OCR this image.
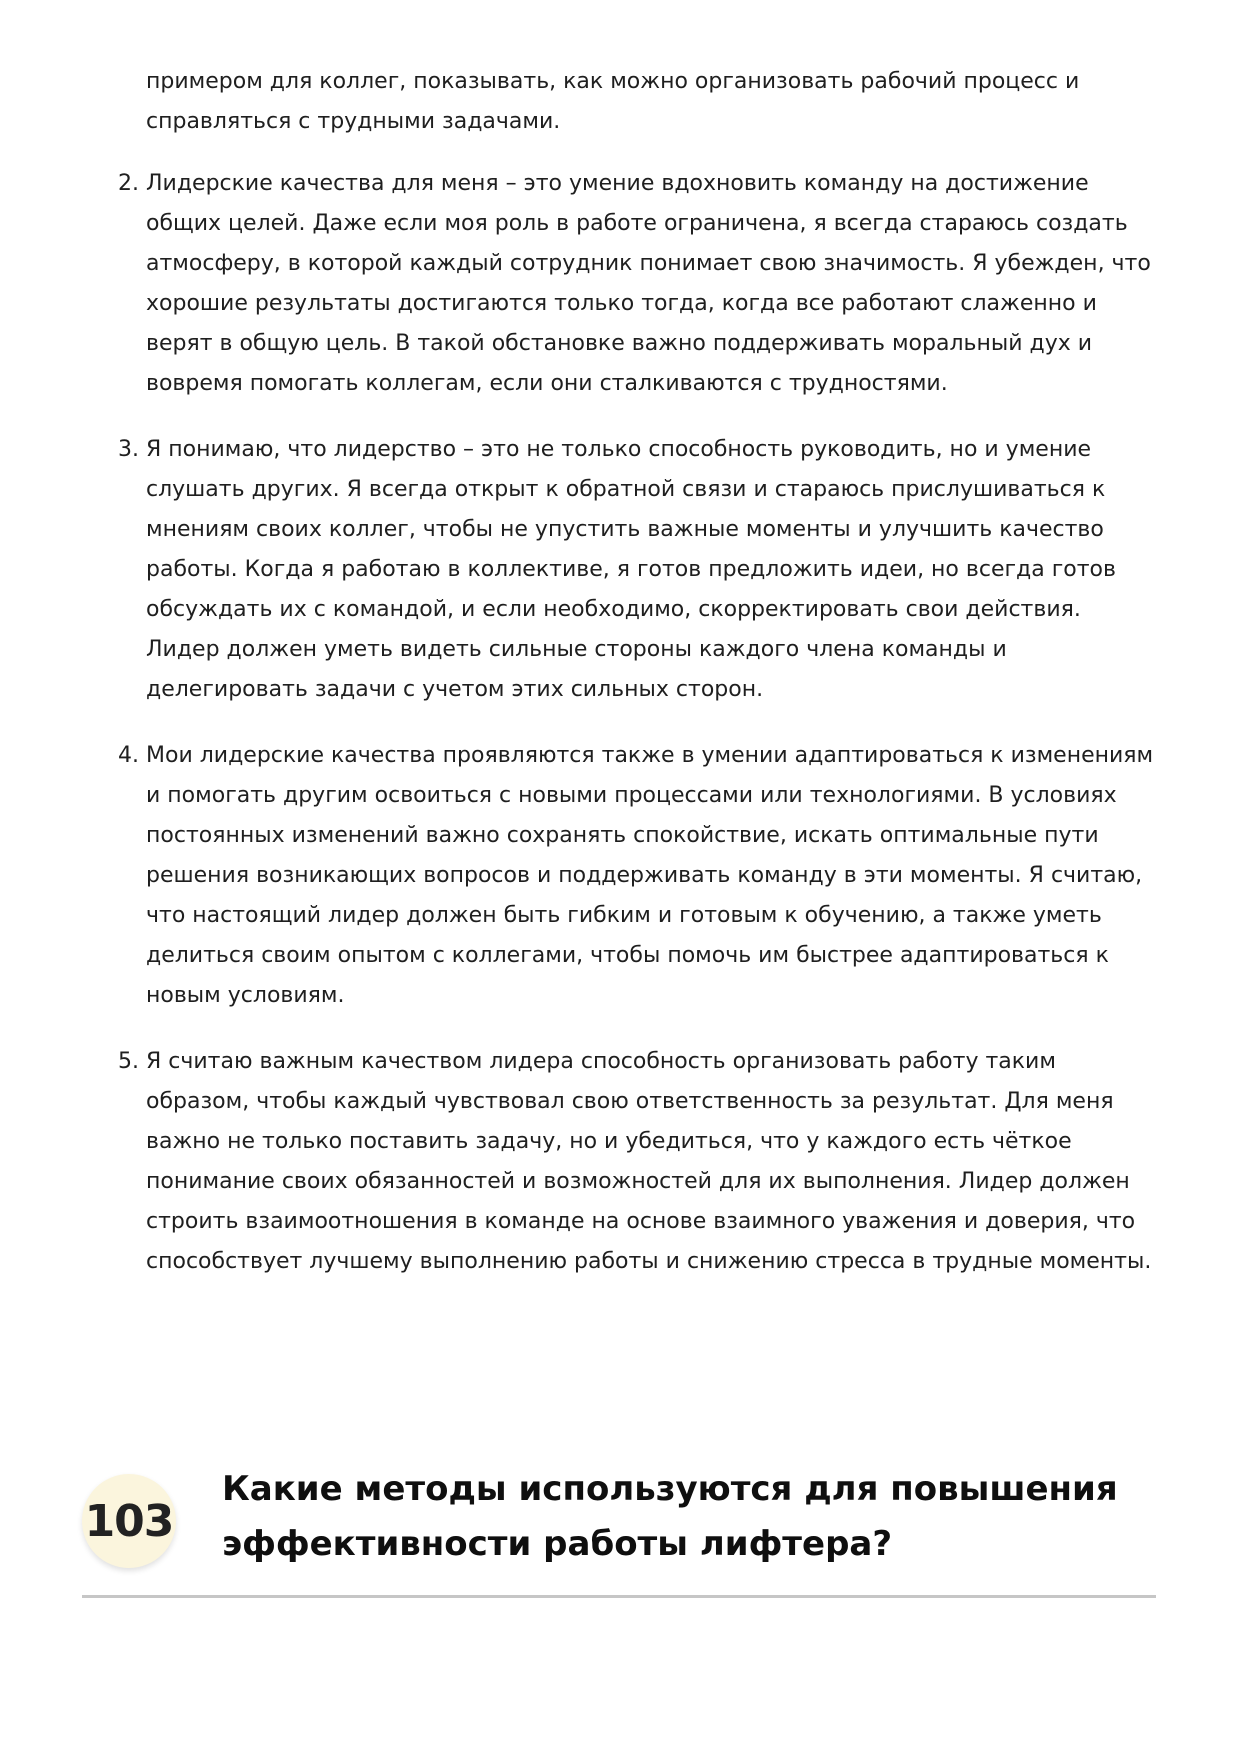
примером для коллег, показывать, как можно организовать рабочий процесс и справляться с трудными задачами.

2. Лидерские качества для меня – это умение вдохновить команду на достижение общих целей. Даже если моя роль в работе ограничена, я всегда стараюсь создать атмосферу, в которой каждый сотрудник понимает свою значимость. Я убежден, что хорошие результаты достигаются только тогда, когда все работают слаженно и верят в общую цель. В такой обстановке важно поддерживать моральный дух и вовремя помогать коллегам, если они сталкиваются с трудностями.
3. Я понимаю, что лидерство – это не только способность руководить, но и умение слушать других. Я всегда открыт к обратной связи и стараюсь прислушиваться к мнениям своих коллег, чтобы не упустить важные моменты и улучшить качество работы. Когда я работаю в коллективе, я готов предложить идеи, но всегда готов обсуждать их с командой, и если необходимо, скорректировать свои действия. Лидер должен уметь видеть сильные стороны каждого члена команды и делегировать задачи с учетом этих сильных сторон.
4. Мои лидерские качества проявляются также в умении адаптироваться к изменениям и помогать другим освоиться с новыми процессами или технологиями. В условиях постоянных изменений важно сохранять спокойствие, искать оптимальные пути решения возникающих вопросов и поддерживать команду в эти моменты. Я считаю, что настоящий лидер должен быть гибким и готовым к обучению, а также уметь делиться своим опытом с коллегами, чтобы помочь им быстрее адаптироваться к новым условиям.
5. Я считаю важным качеством лидера способность организовать работу таким образом, чтобы каждый чувствовал свою ответственность за результат. Для меня важно не только поставить задачу, но и убедиться, что у каждого есть чёткое понимание своих обязанностей и возможностей для их выполнения. Лидер должен строить взаимоотношения в команде на основе взаимного уважения и доверия, что способствует лучшему выполнению работы и снижению стресса в трудные моменты.
103
Какие методы используются для повышения эффективности работы лифтера?
